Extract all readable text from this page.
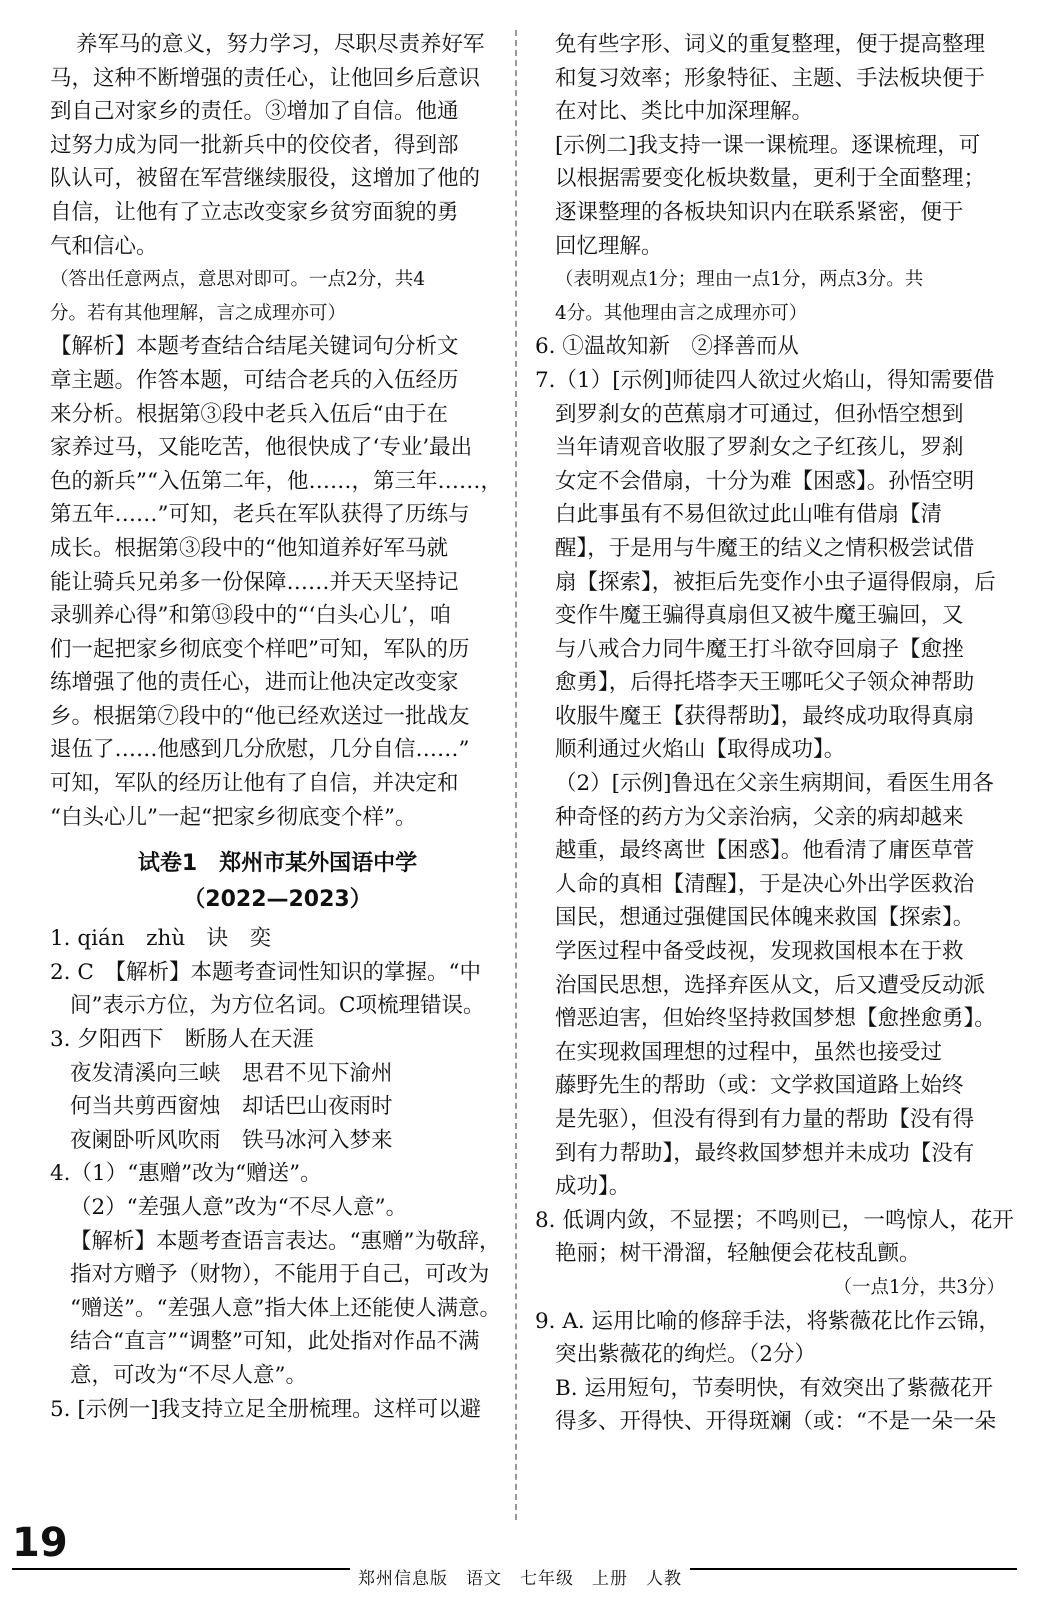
养军马的意义，努力学习，尽职尽责养好军

马，这种不断增强的责任心，让他回乡后意识

到自己对家乡的责任。③增加了自信。他通

过努力成为同一批新兵中的佼佼者，得到部

队认可，被留在军营继续服役，这增加了他的

自信，让他有了立志改变家乡贫穷面貌的勇

气和信心。

（答出任意两点，意思对即可。一点2分，共4

分。若有其他理解，言之成理亦可）

【解析】本题考查结合结尾关键词句分析文

章主题。作答本题，可结合老兵的入伍经历

来分析。根据第③段中老兵入伍后“由于在

家养过马，又能吃苦，他很快成了‘专业’最出

色的新兵”“入伍第二年，他……，第三年……，

第五年……”可知，老兵在军队获得了历练与

成长。根据第③段中的“他知道养好军马就

能让骑兵兄弟多一份保障……并天天坚持记

录驯养心得”和第⑬段中的“‘白头心儿’，咱

们一起把家乡彻底变个样吧”可知，军队的历

练增强了他的责任心，进而让他决定改变家

乡。根据第⑦段中的“他已经欢送过一批战友

退伍了……他感到几分欣慰，几分自信……”

可知，军队的经历让他有了自信，并决定和

“白头心儿”一起“把家乡彻底变个样”。

试卷1　郑州市某外国语中学
（2022—2023）

1. qián　zhù　诀　奕

2. C　【解析】本题考查词性知识的掌握。“中

间”表示方位，为方位名词。C项梳理错误。

3. 夕阳西下　断肠人在天涯

夜发清溪向三峡　思君不见下渝州

何当共剪西窗烛　却话巴山夜雨时

夜阑卧听风吹雨　铁马冰河入梦来

4.（1）“惠赠”改为“赠送”。

（2）“差强人意”改为“不尽人意”。

【解析】本题考查语言表达。“惠赠”为敬辞，

指对方赠予（财物），不能用于自己，可改为

“赠送”。“差强人意”指大体上还能使人满意。

结合“直言”“调整”可知，此处指对作品不满

意，可改为“不尽人意”。

5. [示例一]我支持立足全册梳理。这样可以避

免有些字形、词义的重复整理，便于提高整理

和复习效率；形象特征、主题、手法板块便于

在对比、类比中加深理解。

[示例二]我支持一课一课梳理。逐课梳理，可

以根据需要变化板块数量，更利于全面整理；

逐课整理的各板块知识内在联系紧密，便于

回忆理解。

（表明观点1分；理由一点1分，两点3分。共

4分。其他理由言之成理亦可）

6. ①温故知新　②择善而从

7.（1）[示例]师徒四人欲过火焰山，得知需要借

到罗刹女的芭蕉扇才可通过，但孙悟空想到

当年请观音收服了罗刹女之子红孩儿，罗刹

女定不会借扇，十分为难【困惑】。孙悟空明

白此事虽有不易但欲过此山唯有借扇【清

醒】，于是用与牛魔王的结义之情积极尝试借

扇【探索】，被拒后先变作小虫子逼得假扇，后

变作牛魔王骗得真扇但又被牛魔王骗回，又

与八戒合力同牛魔王打斗欲夺回扇子【愈挫

愈勇】，后得托塔李天王哪吒父子领众神帮助

收服牛魔王【获得帮助】，最终成功取得真扇

顺利通过火焰山【取得成功】。

（2）[示例]鲁迅在父亲生病期间，看医生用各

种奇怪的药方为父亲治病，父亲的病却越来

越重，最终离世【困惑】。他看清了庸医草菅

人命的真相【清醒】，于是决心外出学医救治

国民，想通过强健国民体魄来救国【探索】。

学医过程中备受歧视，发现救国根本在于救

治国民思想，选择弃医从文，后又遭受反动派

憎恶迫害，但始终坚持救国梦想【愈挫愈勇】。

在实现救国理想的过程中，虽然也接受过

藤野先生的帮助（或：文学救国道路上始终

是先驱），但没有得到有力量的帮助【没有得

到有力帮助】，最终救国梦想并未成功【没有

成功】。

8. 低调内敛，不显摆；不鸣则已，一鸣惊人，花开

艳丽；树干滑溜，轻触便会花枝乱颤。

（一点1分，共3分）

9. A. 运用比喻的修辞手法，将紫薇花比作云锦，

突出紫薇花的绚烂。（2分）

B. 运用短句，节奏明快，有效突出了紫薇花开

得多、开得快、开得斑斓（或：“不是一朵一朵

19
郑州信息版　语文　七年级　上册　人教
